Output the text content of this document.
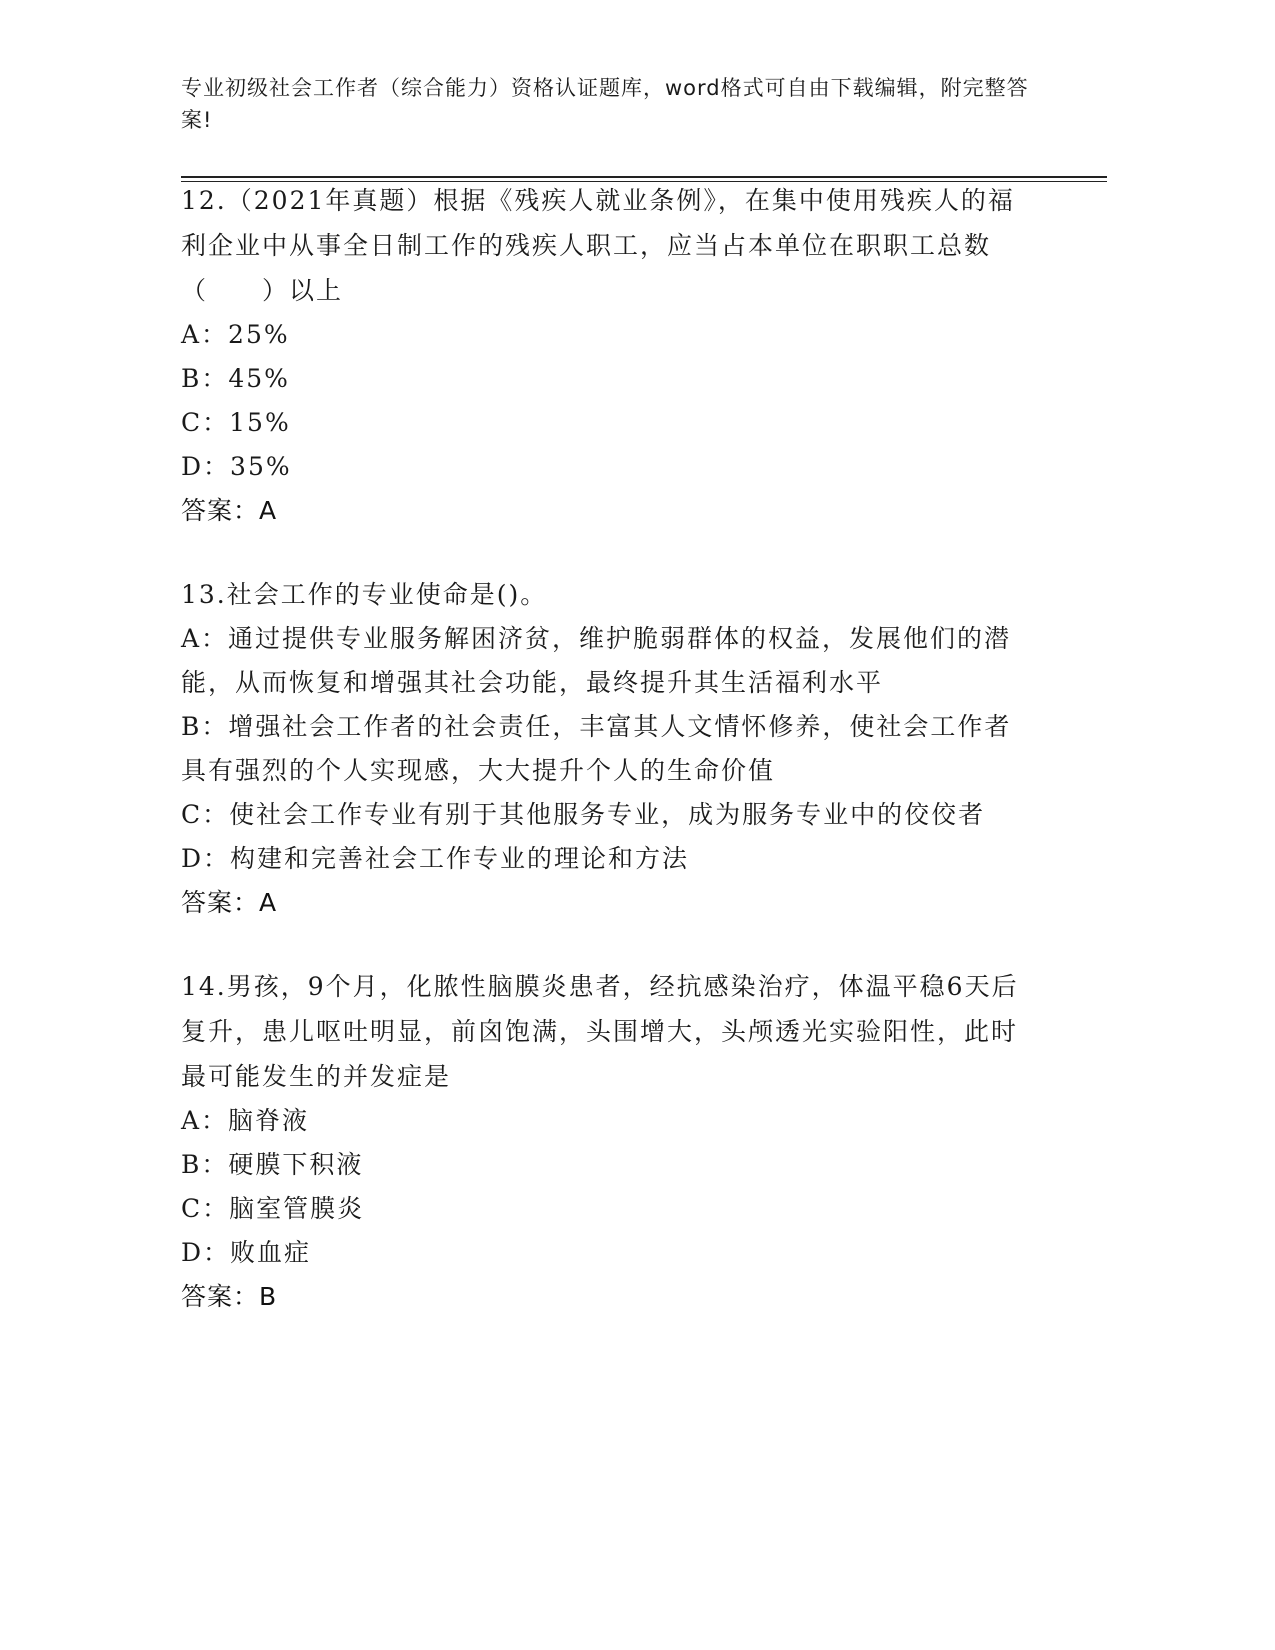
专业初级社会工作者（综合能力）资格认证题库，word格式可自由下载编辑，附完整答案!

12.（2021年真题）根据《残疾人就业条例》，在集中使用残疾人的福利企业中从事全日制工作的残疾人职工，应当占本单位在职职工总数（　　）以上

A：25%

B：45%

C：15%

D：35%

答案：A

13.社会工作的专业使命是()。

A：通过提供专业服务解困济贫，维护脆弱群体的权益，发展他们的潜能，从而恢复和增强其社会功能，最终提升其生活福利水平

B：增强社会工作者的社会责任，丰富其人文情怀修养，使社会工作者具有强烈的个人实现感，大大提升个人的生命价值

C：使社会工作专业有别于其他服务专业，成为服务专业中的佼佼者

D：构建和完善社会工作专业的理论和方法

答案：A

14.男孩，9个月，化脓性脑膜炎患者，经抗感染治疗，体温平稳6天后复升，患儿呕吐明显，前囟饱满，头围增大，头颅透光实验阳性，此时最可能发生的并发症是

A：脑脊液

B：硬膜下积液

C：脑室管膜炎

D：败血症

答案：B
